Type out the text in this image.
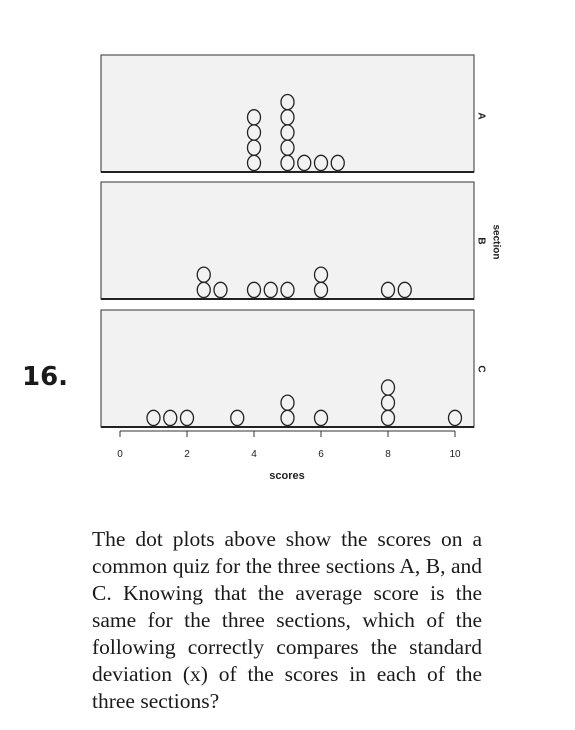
A
B
C
0	2	4	6	8	10
scores
section
16.
The dot plots above show the scores on a common quiz for the three sections A, B, and C. Knowing that the average score is the same for the three sections, which of the following correctly compares the standard deviation (x) of the scores in each of the three sections?
